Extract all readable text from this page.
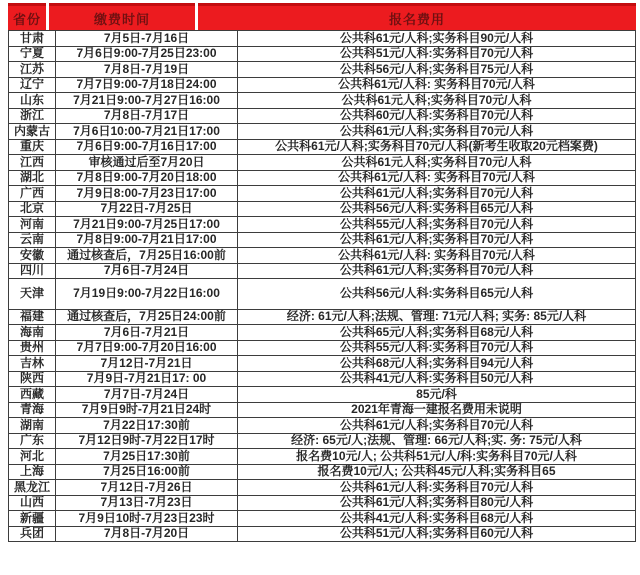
省份	缴费时间	报名费用
甘肃	7月5日-7月16日	公共科61元/人科;实务科目90元/人科
宁夏	7月6日9:00-7月25日23:00	公共科51元/人科:实务科目70元/人科
江苏	7月8日-7月19日	公共科56元/人科;实务科目75元/人科
辽宁	7月7日9:00-7月18日24:00	公共科61元/人科: 实务科目70元/人科
山东	7月21日9:00-7月27日16:00	公共科61元人科;实务科目70元/人科
浙江	7月8日-7月17日	公共科60元/人科:实务科目70元/人科
内蒙古	7月6日10:00-7月21日17:00	公共科61元/人科;实务科目70元/人科
重庆	7月6日9:00-7月16日17:00	公共科61元/人科;实务科目70元/人科(新考生收取20元档案费)
江西	审核通过后至7月20日	公共科61元人科;实务科目70元/人科
湖北	7月8日9:00-7月20日18:00	公共科61元/人科: 实务科目70元/人科
广西	7月9日8:00-7月23日17:00	公共科61元/人科;实务科目70元/人科
北京	7月22日-7月25日	公共科56元/人科:实务科目65元/人科
河南	7月21日9:00-7月25日17:00	公共科55元/人科;实务科目70元/人科
云南	7月8日9:00-7月21日17:00	公共科61元/人科;实务科目70元/人科
安徽	通过核查后，7月25日16:00前	公共科61元/人科: 实务科目70元/人科
四川	7月6日-7月24日	公共科61元/人科;实务科目70元/人科
天津	7月19日9:00-7月22日16:00	公共科56元/人科:实务科目65元/人科
福建	通过核查后，7月25日24:00前	经济: 61元/人科;法规、管理: 71元/人科; 实务: 85元/人科
海南	7月6日-7月21日	公共科65元/人科;实务科目68元/人科
贵州	7月7日9:00-7月20日16:00	公共科55元/人科:实务科目70元/人科
吉林	7月12日-7月21日	公共科68元/人科;实务科目94元/人科
陕西	7月9日-7月21日17: 00	公共科41元/人科:实务科目50元/人科
西藏	7月7日-7月24日	85元/科
青海	7月9日9时-7月21日24时	2021年青海一建报名费用未说明
湖南	7月22日17:30前	公共科61元/人科;实务科目70元/人科
广东	7月12日9时-7月22日17时	经济: 65元/人;法规、管理: 66元/人科;实. 务: 75元/人科
河北	7月25日17:30前	报名费10元/人; 公共科51元/人/科:实务科目70元/人科
上海	7月25日16:00前	报名费10元/人; 公共科45元/人科;实务科目65
黑龙江	7月12日-7月26日	公共科61元/人科:实务科目70元/人科
山西	7月13日-7月23日	公共科61元/人科;实务科目80元/人科
新疆	7月9日10时-7月23日23时	公共科41元/人科:实务科目68元/人科
兵团	7月8日-7月20日	公共科51元/人科;实务科目60元/人科
